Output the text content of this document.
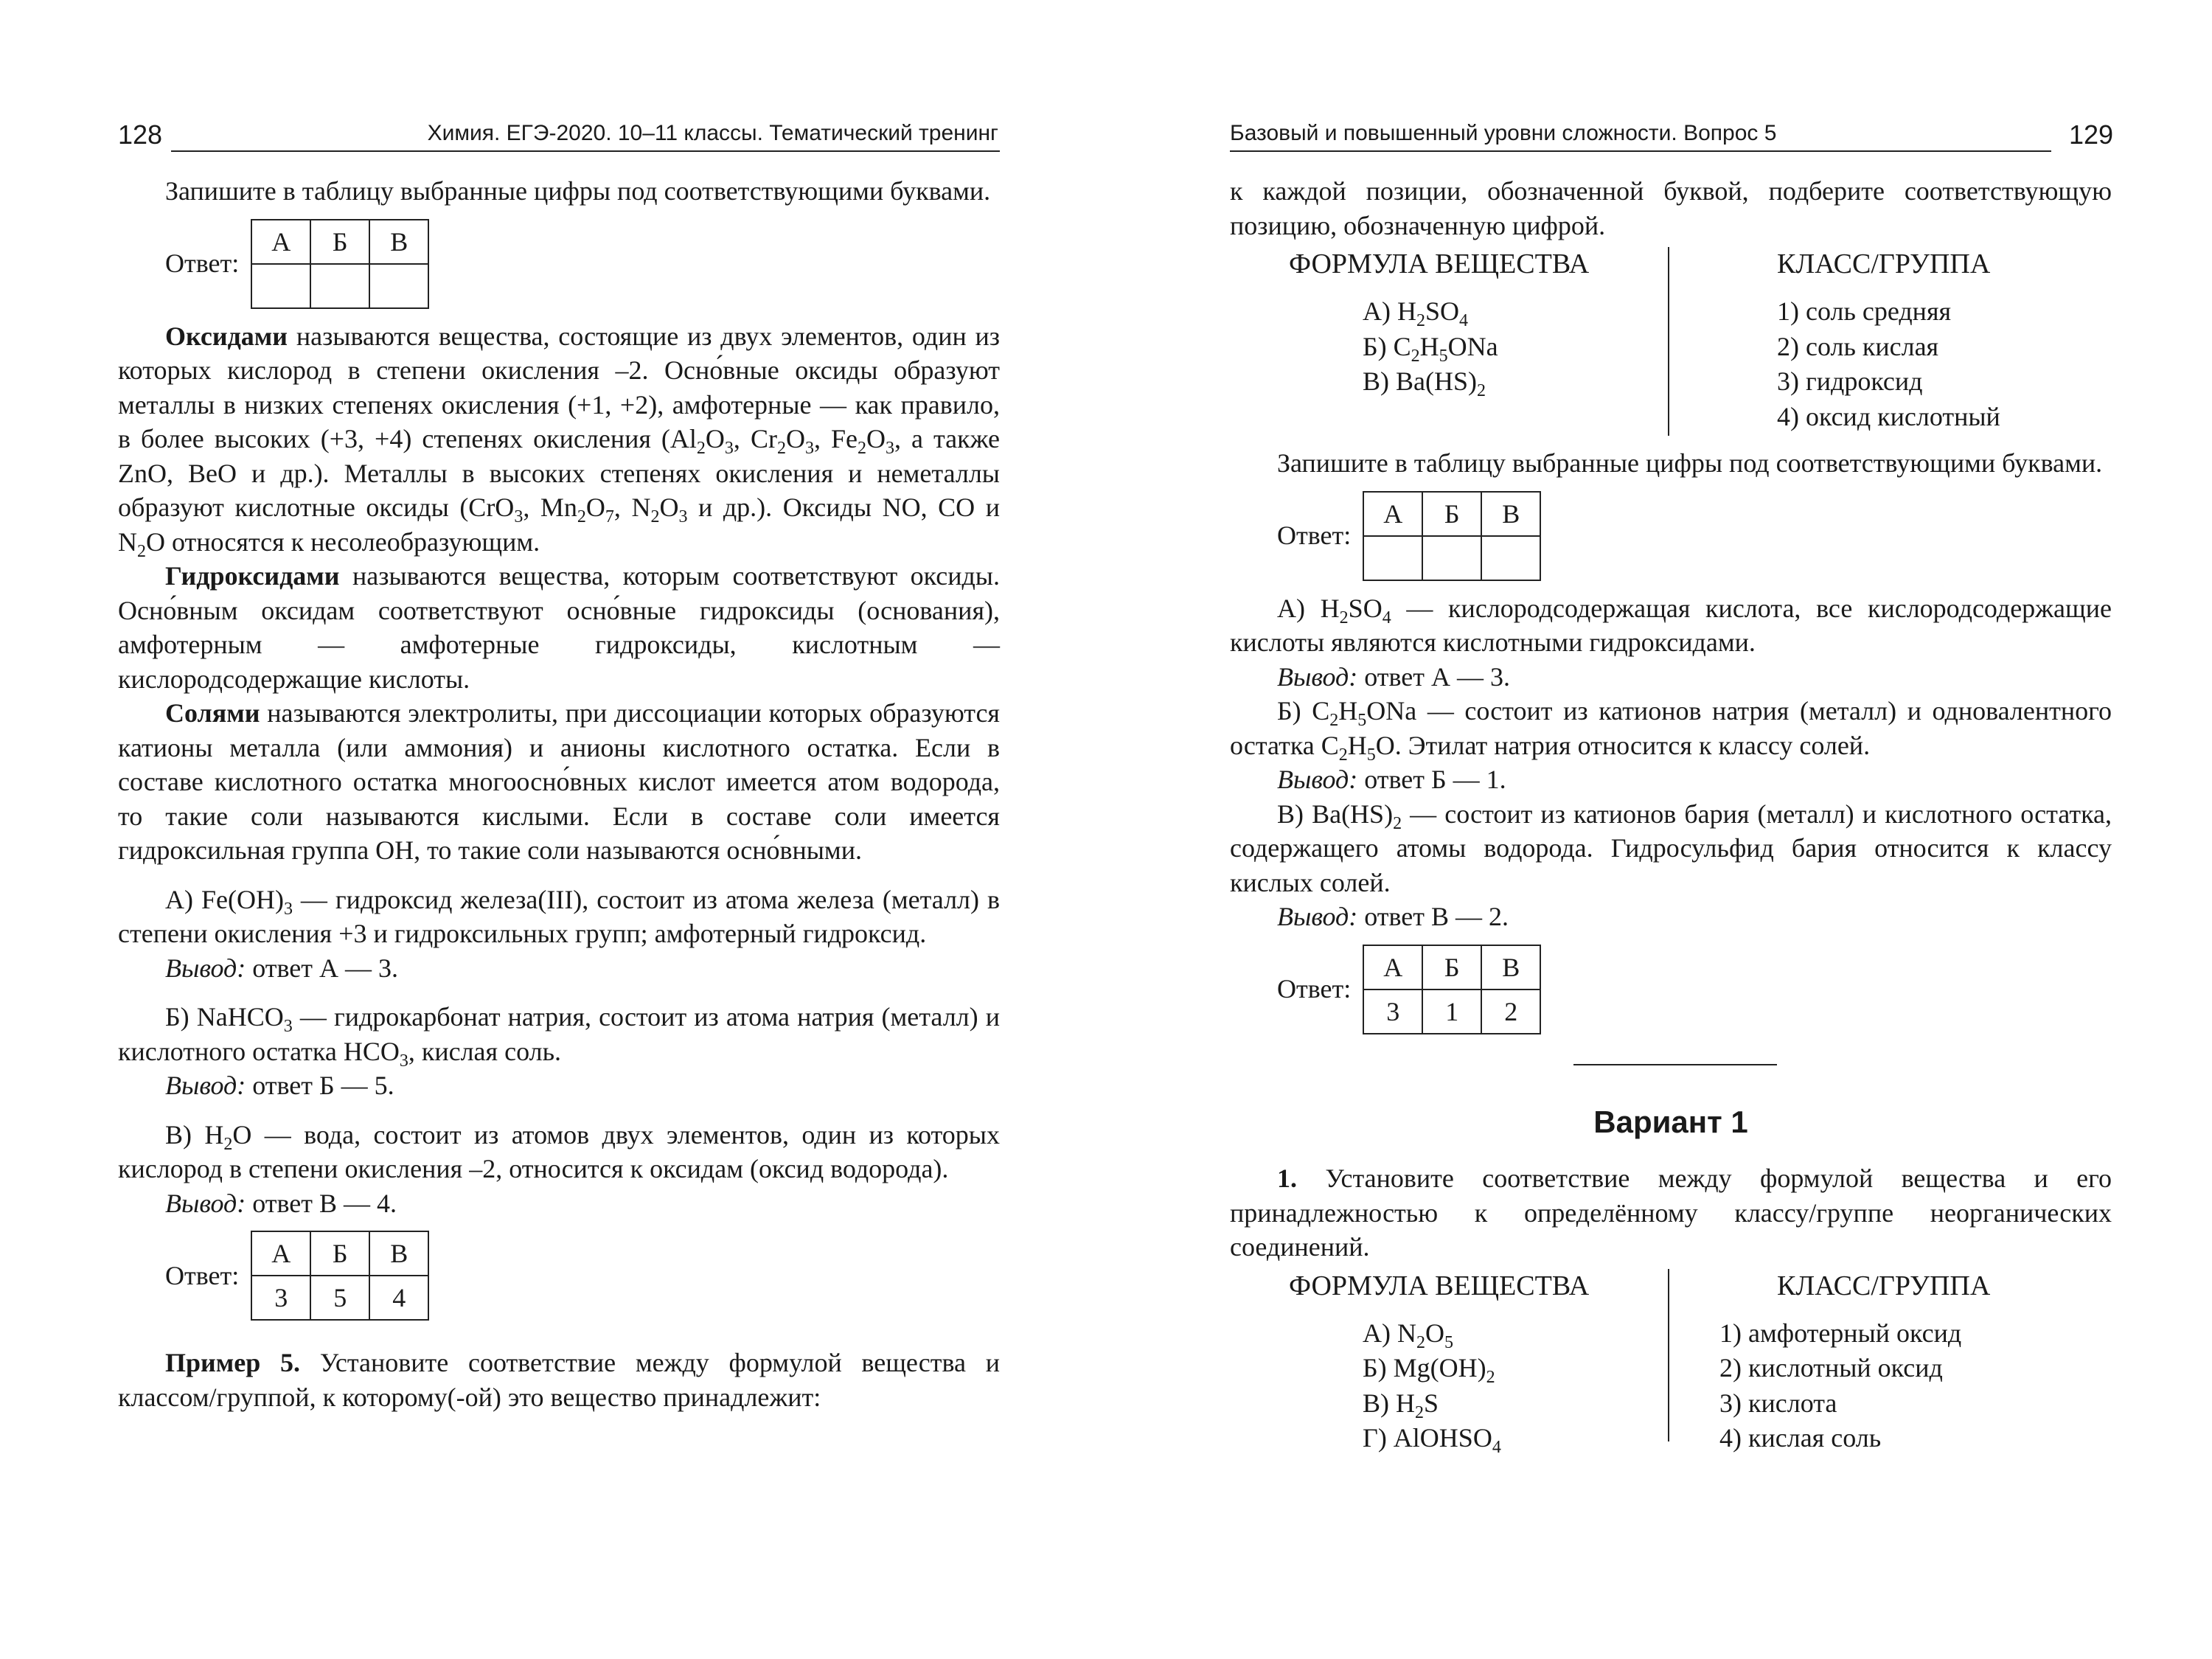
128	Химия. ЕГЭ-2020. 10–11 классы. Тематический тренинг	Базовый и повышенный уровни сложности. Вопрос 5	129

Запишите в таблицу выбранные цифры под соответствующими буквами.

Ответ:
А	Б	В

Оксидами называются вещества, состоящие из двух элементов, один из которых кислород в степени окисления –2. Осно́вные оксиды образуют металлы в низких степенях окисления (+1, +2), амфотерные — как правило, в более высоких (+3, +4) степенях окисления ($Al_2O_3$, $Cr_2O_3$, $Fe_2O_3$, а также ZnO, BeO и др.). Металлы в высоких степенях окисления и неметаллы образуют кислотные оксиды (CrO$_3$, $Mn_2O_7$, $N_2O_3$ и др.). Оксиды NO, CO и $N_2O$ относятся к несолеобразующим.

Гидроксидами называются вещества, которым соответствуют оксиды. Осно́вным оксидам соответствуют осно́вные гидроксиды (основания), амфотерным — амфотерные гидроксиды, кислотным — кислородсодержащие кислоты.

Солями называются электролиты, при диссоциации которых образуются катионы металла (или аммония) и анионы кислотного остатка. Если в составе кислотного остатка многоосно́вных кислот имеется атом водорода, то такие соли называются кислыми. Если в составе соли имеется гидроксильная группа OH, то такие соли называются осно́вными.

А) $Fe(OH)_3$ — гидроксид железа(III), состоит из атома железа (металл) в степени окисления +3 и гидроксильных групп; амфотерный гидроксид.

Вывод: ответ А — 3.

Б) NaHCO$_3$ — гидрокарбонат натрия, состоит из атома натрия (металл) и кислотного остатка $HCO_3$, кислая соль.

Вывод: ответ Б — 5.

В) $H_2O$ — вода, состоит из атомов двух элементов, один из которых кислород в степени окисления –2, относится к оксидам (оксид водорода).

Вывод: ответ В — 4.

Ответ:
А	Б	В
3	5	4

Пример 5. Установите соответствие между формулой вещества и классом/группой, к которому(-ой) это вещество принадлежит:

к каждой позиции, обозначенной буквой, подберите соответствующую позицию, обозначенную цифрой.

ФОРМУЛА ВЕЩЕСТВА	КЛАСС/ГРУППА
А) $H_2SO_4$
Б) $C_2H_5ONa$
В) $Ba(HS)_2$
1) соль средняя
2) соль кислая
3) гидроксид
4) оксид кислотный

Запишите в таблицу выбранные цифры под соответствующими буквами.

Ответ:
А	Б	В

А) $H_2SO_4$ — кислородсодержащая кислота, все кислородсодержащие кислоты являются кислотными гидроксидами.

Вывод: ответ А — 3.

Б) $C_2H_5ONa$ — состоит из катионов натрия (металл) и одновалентного остатка $C_2H_5O$. Этилат натрия относится к классу солей.

Вывод: ответ Б — 1.

В) $Ba(HS)_2$ — состоит из катионов бария (металл) и кислотного остатка, содержащего атомы водорода. Гидросульфид бария относится к классу кислых солей.

Вывод: ответ В — 2.

Ответ:
А	Б	В
3	1	2
Вариант 1

1. Установите соответствие между формулой вещества и его принадлежностью к определённому классу/группе неорганических соединений.

ФОРМУЛА ВЕЩЕСТВА	КЛАСС/ГРУППА
А) $N_2O_5$
Б) $Mg(OH)_2$
В) $H_2S$
Г) AlOHSO$_4$
1) амфотерный оксид
2) кислотный оксид
3) кислота
4) кислая соль
